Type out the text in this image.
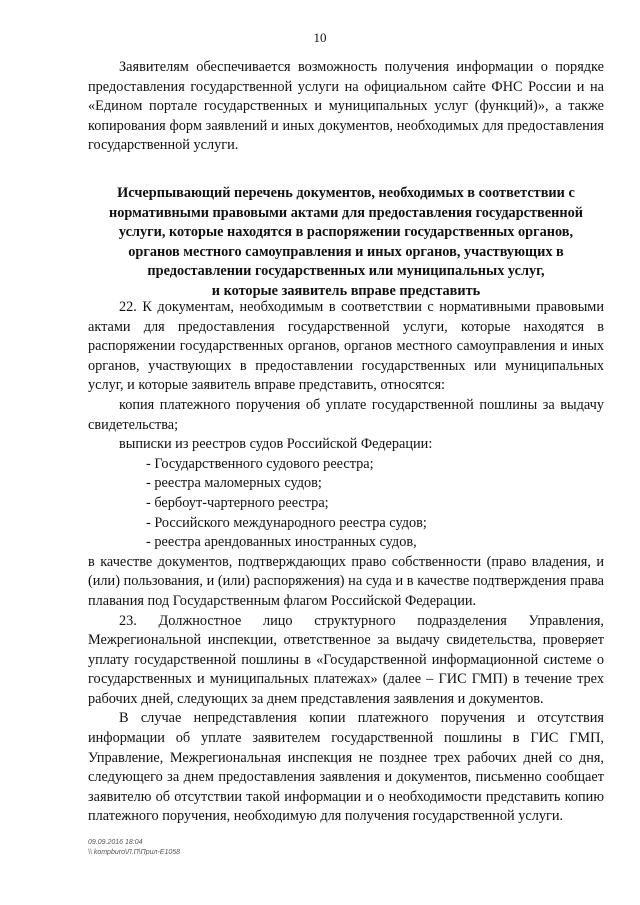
10

Заявителям обеспечивается возможность получения информации о порядке предоставления государственной услуги на официальном сайте ФНС России и на «Едином портале государственных и муниципальных услуг (функций)», а также копирования форм заявлений и иных документов, необходимых для предоставления государственной услуги.

Исчерпывающий перечень документов, необходимых в соответствии с
нормативными правовыми актами для предоставления государственной
услуги, которые находятся в распоряжении государственных органов,
органов местного самоуправления и иных органов, участвующих в
предоставлении государственных или муниципальных услуг,
и которые заявитель вправе представить

22. К документам, необходимым в соответствии с нормативными правовыми актами для предоставления государственной услуги, которые находятся в распоряжении государственных органов, органов местного самоуправления и иных органов, участвующих в предоставлении государственных или муниципальных услуг, и которые заявитель вправе представить, относятся:

копия платежного поручения об уплате государственной пошлины за выдачу свидетельства;

выписки из реестров судов Российской Федерации:

- Государственного судового реестра;
- реестра маломерных судов;
- бербоут-чартерного реестра;
- Российского международного реестра судов;
- реестра арендованных иностранных судов,

в качестве документов, подтверждающих право собственности (право владения, и (или) пользования, и (или) распоряжения) на суда и в качестве подтверждения права плавания под Государственным флагом Российской Федерации.

23. Должностное лицо структурного подразделения Управления, Межрегиональной инспекции, ответственное за выдачу свидетельства, проверяет уплату государственной пошлины в «Государственной информационной системе о государственных и муниципальных платежах» (далее – ГИС ГМП) в течение трех рабочих дней, следующих за днем представления заявления и документов.

В случае непредставления копии платежного поручения и отсутствия информации об уплате заявителем государственной пошлины в ГИС ГМП, Управление, Межрегиональная инспекция не позднее трех рабочих дней со дня, следующего за днем предоставления заявления и документов, письменно сообщает заявителю об отсутствии такой информации и о необходимости представить копию платежного поручения, необходимую для получения государственной услуги.

09.09.2016 18:04
\\ kompburo\Л.П\Прил-Е1058
